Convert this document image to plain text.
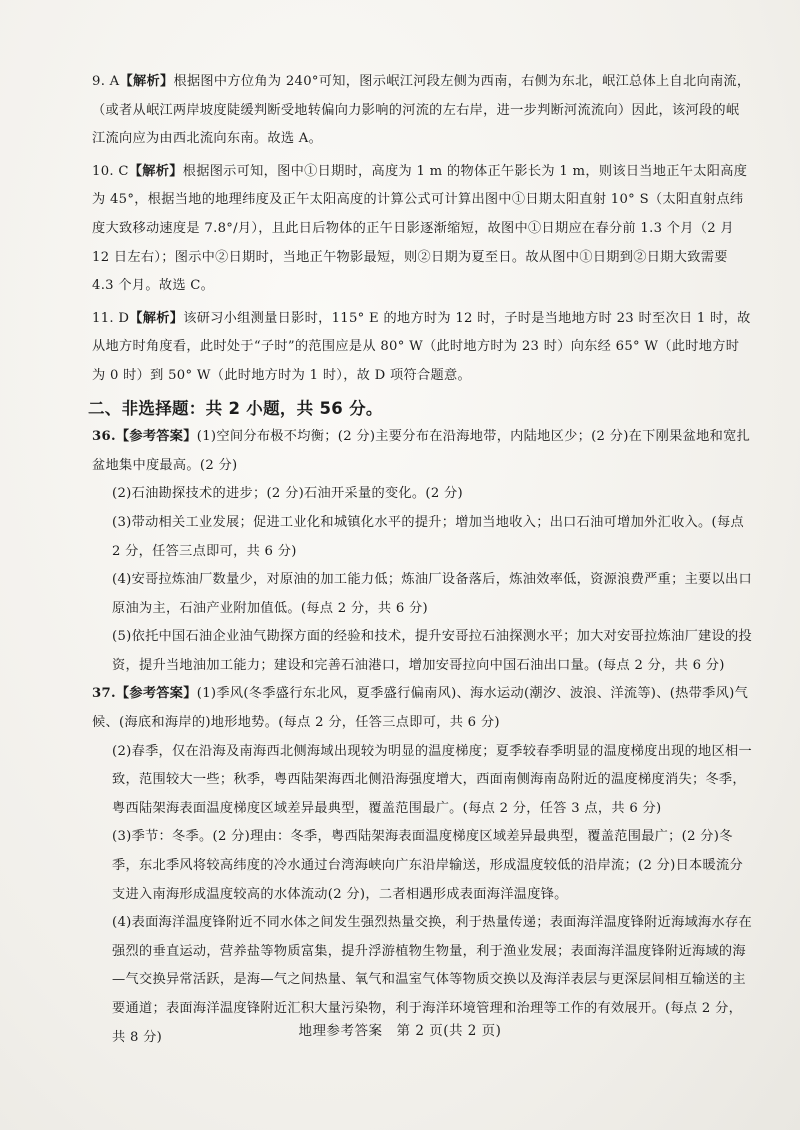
9. A【解析】根据图中方位角为 240°可知，图示岷江河段左侧为西南，右侧为东北，岷江总体上自北向南流，（或者从岷江两岸坡度陡缓判断受地转偏向力影响的河流的左右岸，进一步判断河流流向）因此，该河段的岷江流向应为由西北流向东南。故选 A。

10. C【解析】根据图示可知，图中①日期时，高度为 1 m 的物体正午影长为 1 m，则该日当地正午太阳高度为 45°，根据当地的地理纬度及正午太阳高度的计算公式可计算出图中①日期太阳直射 10° S（太阳直射点纬度大致移动速度是 7.8°/月），且此日后物体的正午日影逐渐缩短，故图中①日期应在春分前 1.3 个月（2 月 12 日左右）；图示中②日期时，当地正午物影最短，则②日期为夏至日。故从图中①日期到②日期大致需要 4.3 个月。故选 C。

11. D【解析】该研习小组测量日影时，115° E 的地方时为 12 时，子时是当地地方时 23 时至次日 1 时，故从地方时角度看，此时处于“子时”的范围应是从 80° W（此时地方时为 23 时）向东经 65° W（此时地方时为 0 时）到 50° W（此时地方时为 1 时），故 D 项符合题意。

二、非选择题：共 2 小题，共 56 分。

36.【参考答案】(1)空间分布极不均衡；(2 分)主要分布在沿海地带，内陆地区少；(2 分)在下刚果盆地和宽扎盆地集中度最高。(2 分)

(2)石油勘探技术的进步；(2 分)石油开采量的变化。(2 分)

(3)带动相关工业发展；促进工业化和城镇化水平的提升；增加当地收入；出口石油可增加外汇收入。(每点 2 分，任答三点即可，共 6 分)

(4)安哥拉炼油厂数量少，对原油的加工能力低；炼油厂设备落后，炼油效率低，资源浪费严重；主要以出口原油为主，石油产业附加值低。(每点 2 分，共 6 分)

(5)依托中国石油企业油气勘探方面的经验和技术，提升安哥拉石油探测水平；加大对安哥拉炼油厂建设的投资，提升当地油加工能力；建设和完善石油港口，增加安哥拉向中国石油出口量。(每点 2 分，共 6 分)

37.【参考答案】(1)季风(冬季盛行东北风，夏季盛行偏南风)、海水运动(潮汐、波浪、洋流等)、(热带季风)气候、(海底和海岸的)地形地势。(每点 2 分，任答三点即可，共 6 分)

(2)春季，仅在沿海及南海西北侧海域出现较为明显的温度梯度；夏季较春季明显的温度梯度出现的地区相一致，范围较大一些；秋季，粤西陆架海西北侧沿海强度增大，西面南侧海南岛附近的温度梯度消失；冬季，粤西陆架海表面温度梯度区域差异最典型，覆盖范围最广。(每点 2 分，任答 3 点，共 6 分)

(3)季节：冬季。(2 分)理由：冬季，粤西陆架海表面温度梯度区域差异最典型，覆盖范围最广；(2 分)冬季，东北季风将较高纬度的冷水通过台湾海峡向广东沿岸输送，形成温度较低的沿岸流；(2 分)日本暖流分支进入南海形成温度较高的水体流动(2 分)，二者相遇形成表面海洋温度锋。

(4)表面海洋温度锋附近不同水体之间发生强烈热量交换，利于热量传递；表面海洋温度锋附近海域海水存在强烈的垂直运动，营养盐等物质富集，提升浮游植物生物量，利于渔业发展；表面海洋温度锋附近海域的海—气交换异常活跃，是海—气之间热量、氧气和温室气体等物质交换以及海洋表层与更深层间相互输送的主要通道；表面海洋温度锋附近汇积大量污染物，利于海洋环境管理和治理等工作的有效展开。(每点 2 分，共 8 分)	地理参考答案　第 2 页(共 2 页)
